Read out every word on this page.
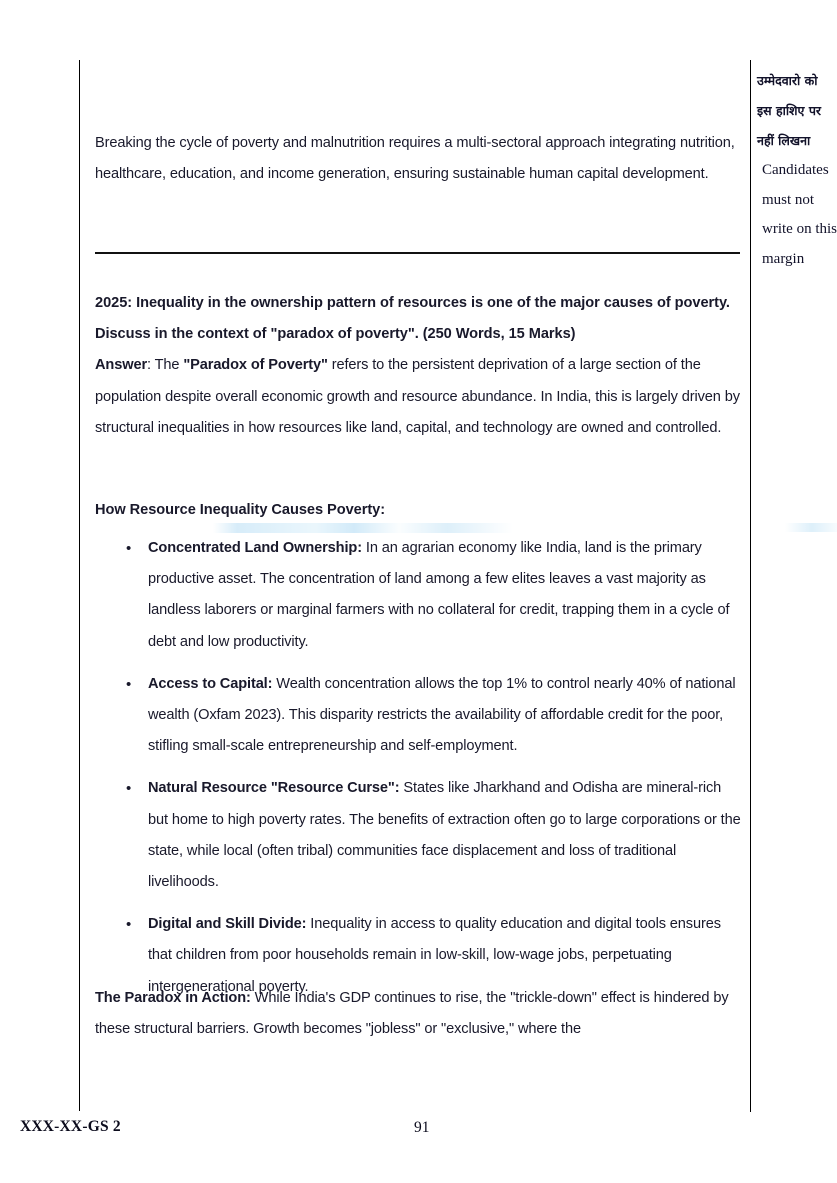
उम्मेदवारो को
इस हाशिए पर
नहीं लिखना
Candidates
must not
write on this
margin
Breaking the cycle of poverty and malnutrition requires a multi-sectoral approach integrating nutrition, healthcare, education, and income generation, ensuring sustainable human capital development.
2025: Inequality in the ownership pattern of resources is one of the major causes of poverty. Discuss in the context of "paradox of poverty". (250 Words, 15 Marks)
Answer: The "Paradox of Poverty" refers to the persistent deprivation of a large section of the population despite overall economic growth and resource abundance. In India, this is largely driven by structural inequalities in how resources like land, capital, and technology are owned and controlled.
How Resource Inequality Causes Poverty:
• Concentrated Land Ownership: In an agrarian economy like India, land is the primary productive asset. The concentration of land among a few elites leaves a vast majority as landless laborers or marginal farmers with no collateral for credit, trapping them in a cycle of debt and low productivity.
• Access to Capital: Wealth concentration allows the top 1% to control nearly 40% of national wealth (Oxfam 2023). This disparity restricts the availability of affordable credit for the poor, stifling small-scale entrepreneurship and self-employment.
• Natural Resource "Resource Curse": States like Jharkhand and Odisha are mineral-rich but home to high poverty rates. The benefits of extraction often go to large corporations or the state, while local (often tribal) communities face displacement and loss of traditional livelihoods.
• Digital and Skill Divide: Inequality in access to quality education and digital tools ensures that children from poor households remain in low-skill, low-wage jobs, perpetuating intergenerational poverty.
The Paradox in Action: While India's GDP continues to rise, the "trickle-down" effect is hindered by these structural barriers. Growth becomes "jobless" or "exclusive," where the
XXX-XX-GS 2	91
